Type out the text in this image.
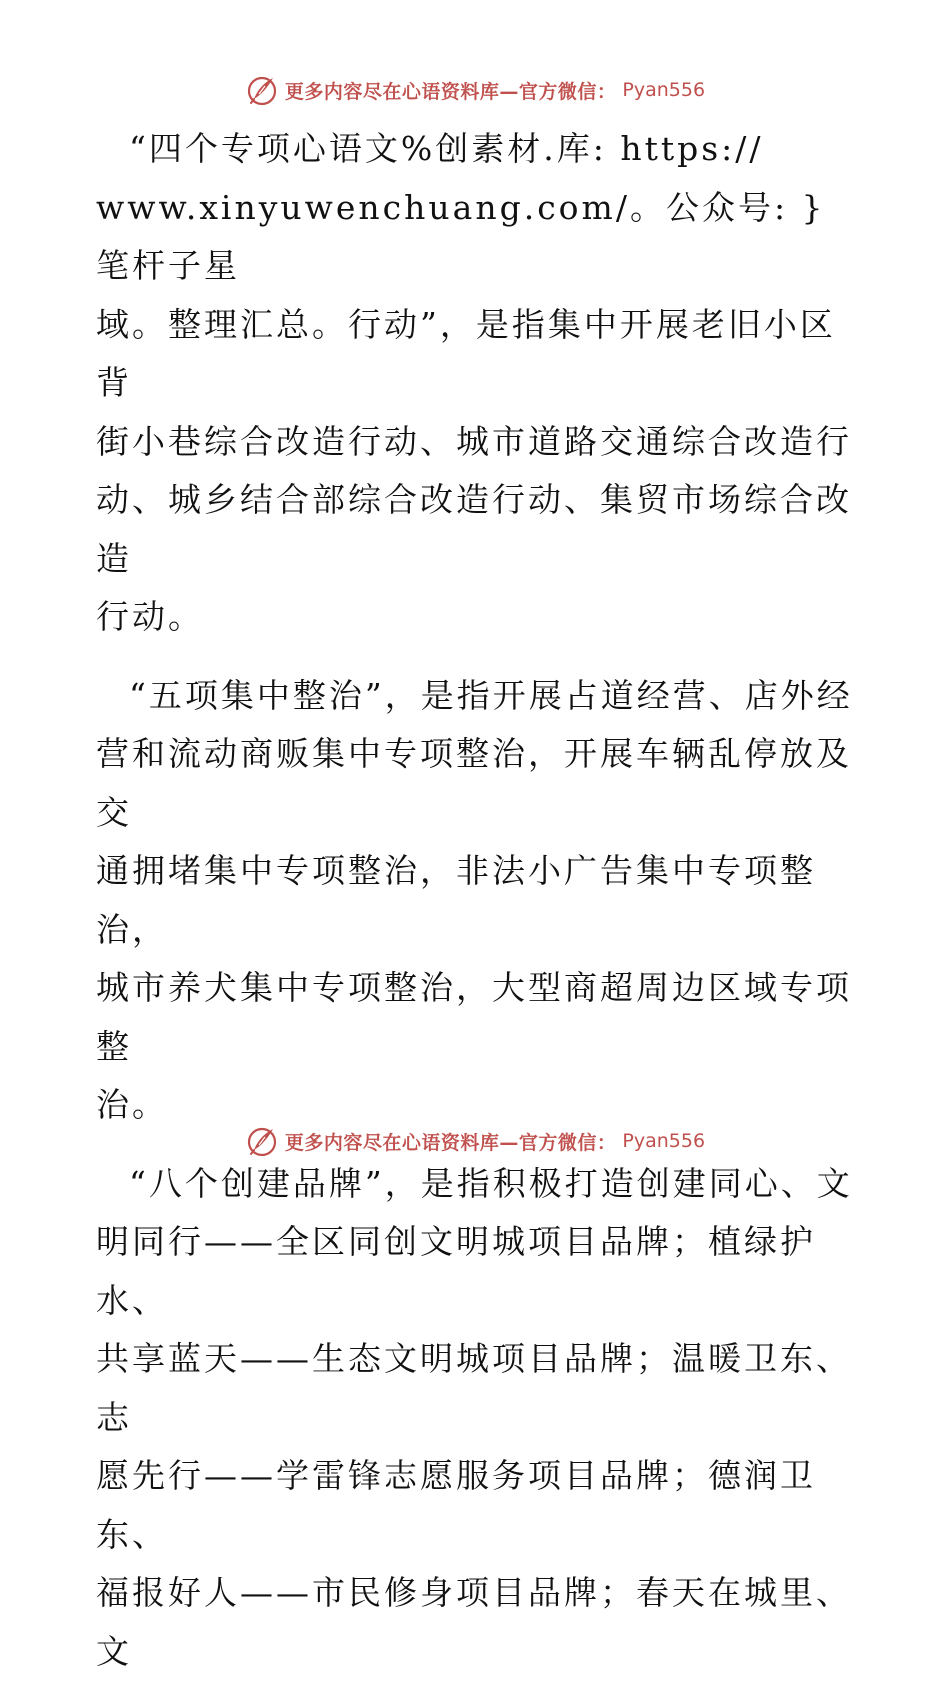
更多内容尽在心语资料库—官方微信： Pyan556

“四个专项心语文%创素材.库: https://
www.xinyuwenchuang.com/。公众号: }笔杆子星
域。整理汇总。行动”，是指集中开展老旧小区背
街小巷综合改造行动、城市道路交通综合改造行
动、城乡结合部综合改造行动、集贸市场综合改造
行动。

“五项集中整治”，是指开展占道经营、店外经
营和流动商贩集中专项整治，开展车辆乱停放及交
通拥堵集中专项整治，非法小广告集中专项整治，
城市养犬集中专项整治，大型商超周边区域专项整
治。

“八个创建品牌”，是指积极打造创建同心、文
明同行——全区同创文明城项目品牌；植绿护水、
共享蓝天——生态文明城项目品牌；温暖卫东、志
愿先行——学雷锋志愿服务项目品牌；德润卫东、
福报好人——市民修身项目品牌；春天在城里、文

更多内容尽在心语资料库—官方微信： Pyan556
